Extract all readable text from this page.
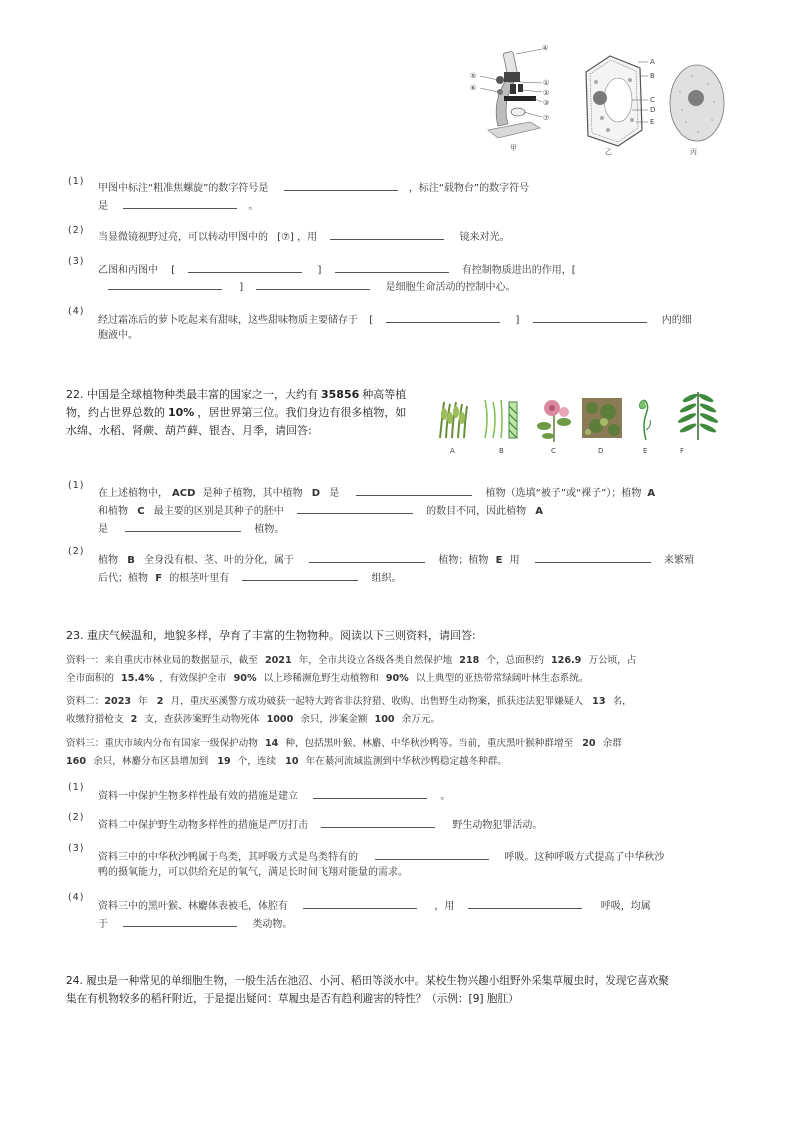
④
⑤
⑥
①
②
③
⑦
甲
A
B
C
D
E
乙	丙
(1)
甲图中标注“粗准焦螺旋”的数字符号是	，标注“载物台”的数字符号
是	。
(2)
当显微镜视野过亮，可以转动甲图中的 [⑦] ，用	镜来对光。
(3)
乙图和丙图中 [	]	有控制物质进出的作用，[
]	是细胞生命活动的控制中心。
(4)
经过霜冻后的萝卜吃起来有甜味，这些甜味物质主要储存于 [	]	内的细
胞液中。
22. 中国是全球植物种类最丰富的国家之一，大约有 35856 种高等植
物，约占世界总数的 10% ，居世界第三位。我们身边有很多植物，如
水绵、水稻、肾蕨、葫芦藓、银杏、月季，请回答:
A	B	C	D	E	F
(1)
在上述植物中， ACD 是种子植物，其中植物 D 是	植物（选填“被子”或“裸子”）；植物 A
和植物 C 最主要的区别是其种子的胚中	的数目不同，因此植物 A
是	植物。
(2)
植物 B 全身没有根、茎、叶的分化，属于	植物；植物 E 用	来繁殖
后代；植物 F 的根茎叶里有	组织。
23. 重庆气候温和，地貌多样，孕育了丰富的生物物种。阅读以下三则资料，请回答:
资料一：来自重庆市林业局的数据显示，截至 2021 年，全市共设立各级各类自然保护地 218 个，总面积约 126.9 万公顷，占
全市面积的 15.4% ，有效保护全市 90% 以上珍稀濒危野生动植物和 90% 以上典型的亚热带常绿阔叶林生态系统。
资料二：2023 年 2 月，重庆巫溪警方成功破获一起特大跨省非法狩猎、收购、出售野生动物案，抓获违法犯罪嫌疑人 13 名，
收缴狩猎枪支 2 支，查获涉案野生动物死体 1000 余只，涉案金额 100 余万元。
资料三：重庆市域内分布有国家一级保护动物 14 种，包括黑叶猴、林麝、中华秋沙鸭等。当前，重庆黑叶猴种群增至 20 余群
160 余只，林麝分布区县增加到 19 个，连续 10 年在綦河流域监测到中华秋沙鸭稳定越冬种群。
(1)
资料一中保护生物多样性最有效的措施是建立	。
(2)
资料二中保护野生动物多样性的措施是严厉打击	野生动物犯罪活动。
(3)
资料三中的中华秋沙鸭属于鸟类，其呼吸方式是鸟类特有的	呼吸。这种呼吸方式提高了中华秋沙
鸭的摄氧能力，可以供给充足的氧气，满足长时间飞翔对能量的需求。
(4)
资料三中的黑叶猴、林麝体表被毛，体腔有	，用	呼吸，均属
于	类动物。
24. 履虫是一种常见的单细胞生物，一般生活在池沼、小河、稻田等淡水中。某校生物兴趣小组野外采集草履虫时，发现它喜欢聚
集在有机物较多的稻秆附近，于是提出疑问：草履虫是否有趋利避害的特性？（示例：[9] 胞肛）
